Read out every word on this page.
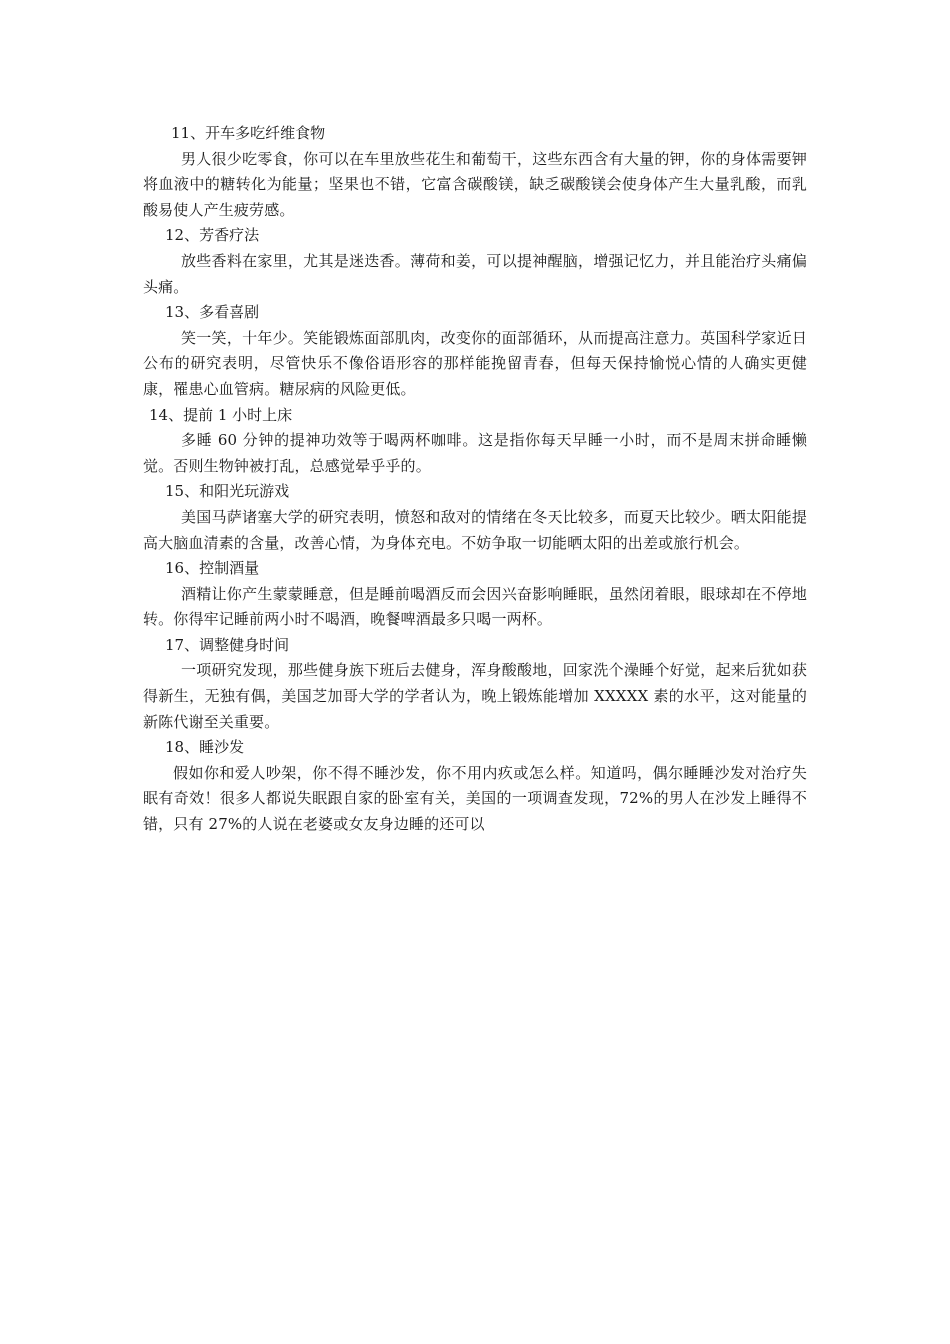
11、开车多吃纤维食物

男人很少吃零食，你可以在车里放些花生和葡萄干，这些东西含有大量的钾，你的身体需要钾将血液中的糖转化为能量；坚果也不错，它富含碳酸镁，缺乏碳酸镁会使身体产生大量乳酸，而乳酸易使人产生疲劳感。

12、芳香疗法

放些香料在家里，尤其是迷迭香。薄荷和姜，可以提神醒脑，增强记忆力，并且能治疗头痛偏头痛。

13、多看喜剧

笑一笑，十年少。笑能锻炼面部肌肉，改变你的面部循环，从而提高注意力。英国科学家近日公布的研究表明，尽管快乐不像俗语形容的那样能挽留青春，但每天保持愉悦心情的人确实更健康，罹患心血管病。糖尿病的风险更低。

14、提前 1 小时上床

多睡 60 分钟的提神功效等于喝两杯咖啡。这是指你每天早睡一小时，而不是周末拼命睡懒觉。否则生物钟被打乱，总感觉晕乎乎的。

15、和阳光玩游戏

美国马萨诸塞大学的研究表明，愤怒和敌对的情绪在冬天比较多，而夏天比较少。晒太阳能提高大脑血清素的含量，改善心情，为身体充电。不妨争取一切能晒太阳的出差或旅行机会。

16、控制酒量

酒精让你产生蒙蒙睡意，但是睡前喝酒反而会因兴奋影响睡眠，虽然闭着眼，眼球却在不停地转。你得牢记睡前两小时不喝酒，晚餐啤酒最多只喝一两杯。

17、调整健身时间

一项研究发现，那些健身族下班后去健身，浑身酸酸地，回家洗个澡睡个好觉，起来后犹如获得新生，无独有偶，美国芝加哥大学的学者认为，晚上锻炼能增加 XXXXX 素的水平，这对能量的新陈代谢至关重要。

18、睡沙发

假如你和爱人吵架，你不得不睡沙发，你不用内疚或怎么样。知道吗，偶尔睡睡沙发对治疗失眠有奇效！很多人都说失眠跟自家的卧室有关，美国的一项调查发现，72%的男人在沙发上睡得不错，只有 27%的人说在老婆或女友身边睡的还可以
